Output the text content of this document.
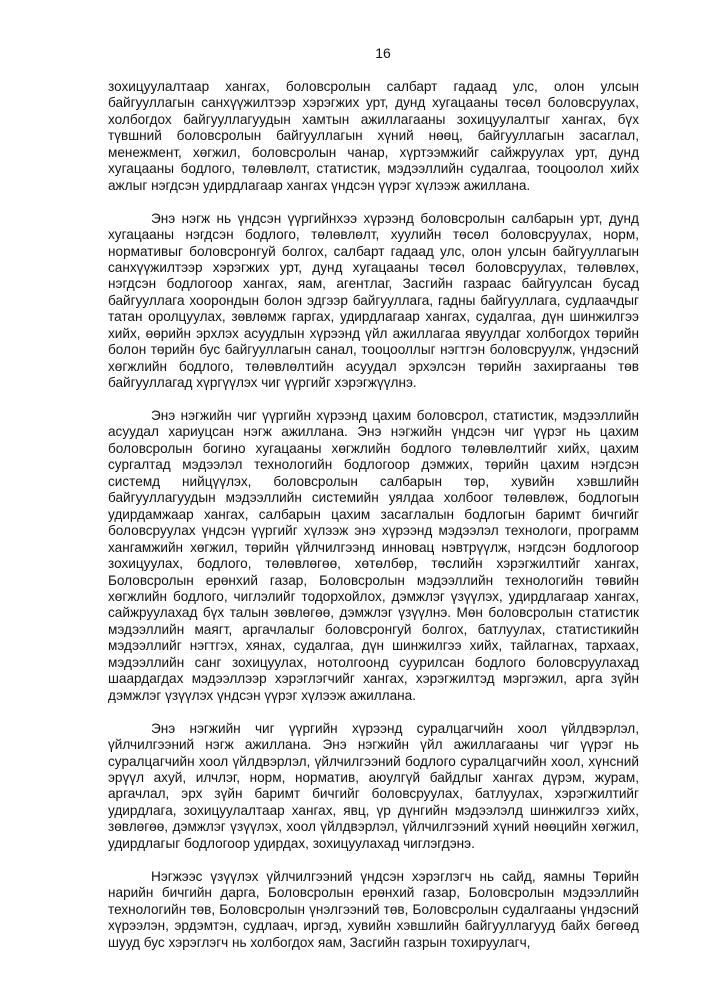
16

зохицуулалтаар хангах, боловсролын салбарт гадаад улс, олон улсын байгууллагын санхүүжилтээр хэрэгжих урт, дунд хугацааны төсөл боловсруулах, холбогдох байгууллагуудын хамтын ажиллагааны зохицуулалтыг хангах, бүх түвшний боловсролын байгууллагын хүний нөөц, байгууллагын засаглал, менежмент, хөгжил, боловсролын чанар, хүртээмжийг сайжруулах урт, дунд хугацааны бодлого, төлөвлөлт, статистик, мэдээллийн судалгаа, тооцоолол хийх ажлыг нэгдсэн удирдлагаар хангах үндсэн үүрэг хүлээж ажиллана.

Энэ нэгж нь үндсэн үүргийнхээ хүрээнд боловсролын салбарын урт, дунд хугацааны нэгдсэн бодлого, төлөвлөлт, хуулийн төсөл боловсруулах, норм, нормативыг боловсронгуй болгох, салбарт гадаад улс, олон улсын байгууллагын санхүүжилтээр хэрэгжих урт, дунд хугацааны төсөл боловсруулах, төлөвлөх, нэгдсэн бодлогоор хангах, яам, агентлаг, Засгийн газраас байгуулсан бусад байгууллага хоорондын болон эдгээр байгууллага, гадны байгууллага, судлаачдыг татан оролцуулах, зөвлөмж гаргах, удирдлагаар хангах, судалгаа, дүн шинжилгээ хийх, өөрийн эрхлэх асуудлын хүрээнд үйл ажиллагаа явуулдаг холбогдох төрийн болон төрийн бус байгууллагын санал, тооцооллыг нэгтгэн боловсруулж, үндэсний хөгжлийн бодлого, төлөвлөлтийн асуудал эрхэлсэн төрийн захиргааны төв байгууллагад хүргүүлэх чиг үүргийг хэрэгжүүлнэ.

Энэ нэгжийн чиг үүргийн хүрээнд цахим боловсрол, статистик, мэдээллийн асуудал хариуцсан нэгж ажиллана. Энэ нэгжийн үндсэн чиг үүрэг нь цахим боловсролын богино хугацааны хөгжлийн бодлого төлөвлөлтийг хийх, цахим сургалтад мэдээлэл технологийн бодлогоор дэмжих, төрийн цахим нэгдсэн системд нийцүүлэх, боловсролын салбарын төр, хувийн хэвшлийн байгууллагуудын мэдээллийн системийн уялдаа холбоог төлөвлөж, бодлогын удирдамжаар хангах, салбарын цахим засаглалын бодлогын баримт бичгийг боловсруулах үндсэн үүргийг хүлээж энэ хүрээнд мэдээлэл технологи, программ хангамжийн хөгжил, төрийн үйлчилгээнд инновац нэвтрүүлж, нэгдсэн бодлогоор зохицуулах, бодлого, төлөвлөгөө, хөтөлбөр, төслийн хэрэгжилтийг хангах, Боловсролын ерөнхий газар, Боловсролын мэдээллийн технологийн төвийн хөгжлийн бодлого, чиглэлийг тодорхойлох, дэмжлэг үзүүлэх, удирдлагаар хангах, сайжруулахад бүх талын зөвлөгөө, дэмжлэг үзүүлнэ. Мөн боловсролын статистик мэдээллийн маягт, аргачлалыг боловсронгуй болгох, батлуулах, статистикийн мэдээллийг нэгтгэх, хянах, судалгаа, дүн шинжилгээ хийх, тайлагнах, тархаах, мэдээллийн санг зохицуулах, нотолгоонд суурилсан бодлого боловсруулахад шаардагдах мэдээллээр хэрэглэгчийг хангах, хэрэгжилтэд мэргэжил, арга зүйн дэмжлэг үзүүлэх үндсэн үүрэг хүлээж ажиллана.

Энэ нэгжийн чиг үүргийн хүрээнд суралцагчийн хоол үйлдвэрлэл, үйлчилгээний нэгж ажиллана. Энэ нэгжийн үйл ажиллагааны чиг үүрэг нь суралцагчийн хоол үйлдвэрлэл, үйлчилгээний бодлого суралцагчийн хоол, хүнсний эрүүл ахуй, илчлэг, норм, норматив, аюулгүй байдлыг хангах дүрэм, журам, аргачлал, эрх зүйн баримт бичгийг боловсруулах, батлуулах, хэрэгжилтийг удирдлага, зохицуулалтаар хангах, явц, үр дүнгийн мэдээлэлд шинжилгээ хийх, зөвлөгөө, дэмжлэг үзүүлэх, хоол үйлдвэрлэл, үйлчилгээний хүний нөөцийн хөгжил, удирдлагыг бодлогоор удирдах, зохицуулахад чиглэгдэнэ.

Нэгжээс үзүүлэх үйлчилгээний үндсэн хэрэглэгч нь сайд, яамны Төрийн нарийн бичгийн дарга, Боловсролын ерөнхий газар, Боловсролын мэдээллийн технологийн төв, Боловсролын үнэлгээний төв, Боловсролын судалгааны үндэсний хүрээлэн, эрдэмтэн, судлаач, иргэд, хувийн хэвшлийн байгууллагууд байх бөгөөд шууд бус хэрэглэгч нь холбогдох яам, Засгийн газрын тохируулагч,
